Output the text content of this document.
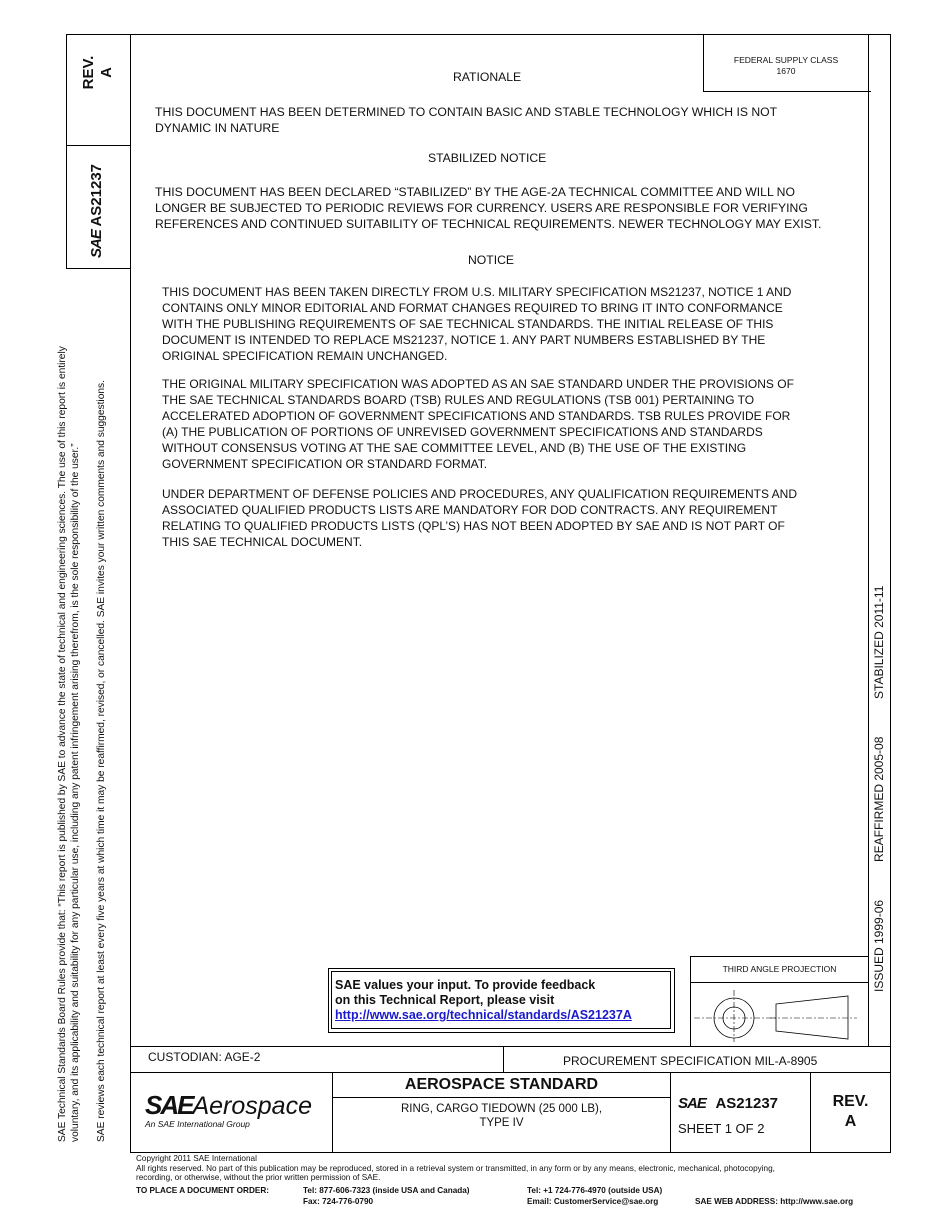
SAE Technical Standards Board Rules provide that: “This report is published by SAE to advance the state of technical and engineering sciences. The use of this report is entirely voluntary, and its applicability and suitability for any particular use, including any patent infringement arising therefrom, is the sole responsibility of the user.” SAE reviews each technical report at least every five years at which time it may be reaffirmed, revised, or cancelled. SAE invites your written comments and suggestions.
REV. A
SAE AS21237
FEDERAL SUPPLY CLASS
1670
RATIONALE
THIS DOCUMENT HAS BEEN DETERMINED TO CONTAIN BASIC AND STABLE TECHNOLOGY WHICH IS NOT
DYNAMIC IN NATURE
STABILIZED NOTICE
THIS DOCUMENT HAS BEEN DECLARED “STABILIZED” BY THE AGE-2A TECHNICAL COMMITTEE AND WILL NO
LONGER BE SUBJECTED TO PERIODIC REVIEWS FOR CURRENCY. USERS ARE RESPONSIBLE FOR VERIFYING
REFERENCES AND CONTINUED SUITABILITY OF TECHNICAL REQUIREMENTS. NEWER TECHNOLOGY MAY EXIST.
NOTICE
THIS DOCUMENT HAS BEEN TAKEN DIRECTLY FROM U.S. MILITARY SPECIFICATION MS21237, NOTICE 1 AND
CONTAINS ONLY MINOR EDITORIAL AND FORMAT CHANGES REQUIRED TO BRING IT INTO CONFORMANCE
WITH THE PUBLISHING REQUIREMENTS OF SAE TECHNICAL STANDARDS. THE INITIAL RELEASE OF THIS
DOCUMENT IS INTENDED TO REPLACE MS21237, NOTICE 1. ANY PART NUMBERS ESTABLISHED BY THE
ORIGINAL SPECIFICATION REMAIN UNCHANGED.
THE ORIGINAL MILITARY SPECIFICATION WAS ADOPTED AS AN SAE STANDARD UNDER THE PROVISIONS OF
THE SAE TECHNICAL STANDARDS BOARD (TSB) RULES AND REGULATIONS (TSB 001) PERTAINING TO
ACCELERATED ADOPTION OF GOVERNMENT SPECIFICATIONS AND STANDARDS. TSB RULES PROVIDE FOR
(A) THE PUBLICATION OF PORTIONS OF UNREVISED GOVERNMENT SPECIFICATIONS AND STANDARDS
WITHOUT CONSENSUS VOTING AT THE SAE COMMITTEE LEVEL, AND (B) THE USE OF THE EXISTING
GOVERNMENT SPECIFICATION OR STANDARD FORMAT.
UNDER DEPARTMENT OF DEFENSE POLICIES AND PROCEDURES, ANY QUALIFICATION REQUIREMENTS AND
ASSOCIATED QUALIFIED PRODUCTS LISTS ARE MANDATORY FOR DOD CONTRACTS. ANY REQUIREMENT
RELATING TO QUALIFIED PRODUCTS LISTS (QPL’S) HAS NOT BEEN ADOPTED BY SAE AND IS NOT PART OF
THIS SAE TECHNICAL DOCUMENT.
ISSUED 1999-06
REAFFIRMED 2005-08
STABILIZED 2011-11
SAE values your input. To provide feedback
on this Technical Report, please visit
http://www.sae.org/technical/standards/AS21237A
THIRD ANGLE PROJECTION
CUSTODIAN: AGE-2	PROCUREMENT SPECIFICATION MIL-A-8905
SAEAerospace
An SAE International Group
AEROSPACE STANDARD
RING, CARGO TIEDOWN (25 000 LB),
TYPE IV
SAE AS21237
SHEET 1 OF 2
REV.
A
Copyright 2011 SAE International
All rights reserved. No part of this publication may be reproduced, stored in a retrieval system or transmitted, in any form or by any means, electronic, mechanical, photocopying,
recording, or otherwise, without the prior written permission of SAE.
TO PLACE A DOCUMENT ORDER:	Tel: 877-606-7323 (inside USA and Canada)
Fax: 724-776-0790
Tel: +1 724-776-4970 (outside USA)
Email: CustomerService@sae.org	SAE WEB ADDRESS: http://www.sae.org
